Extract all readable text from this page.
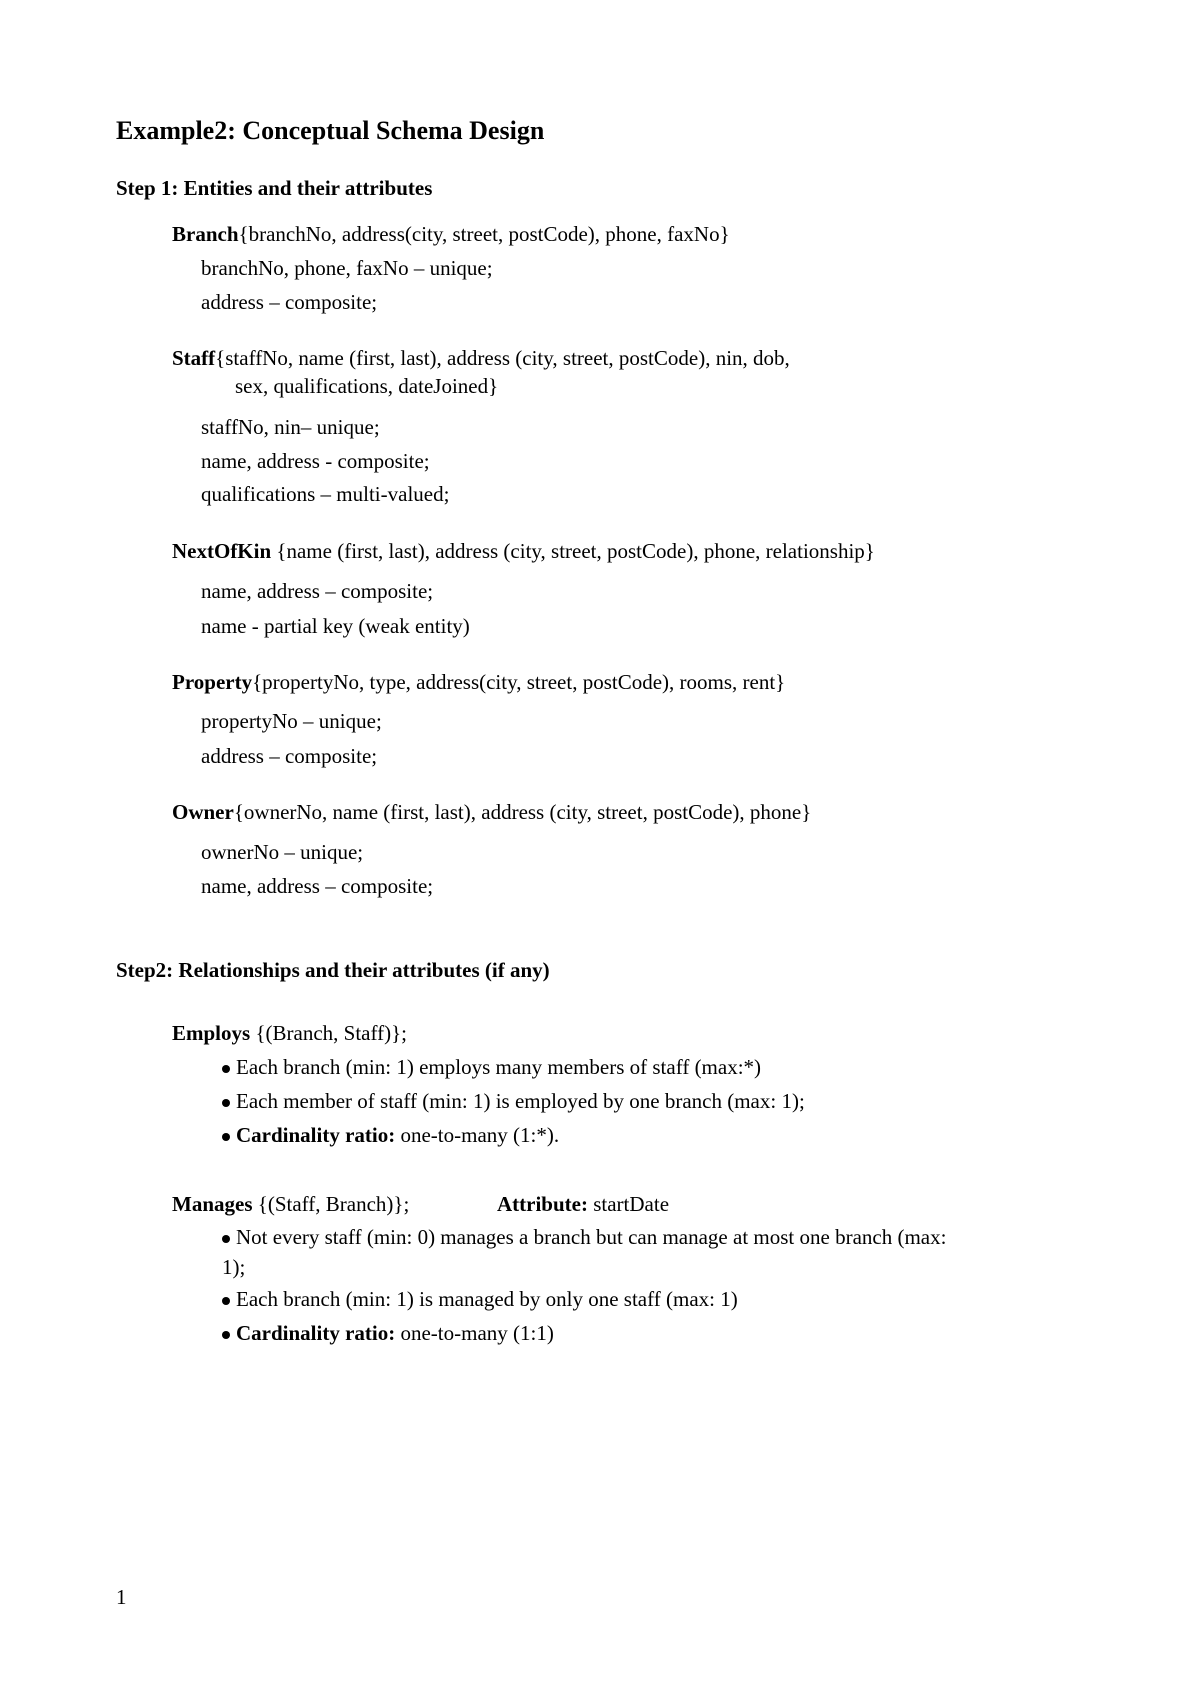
Example2: Conceptual Schema Design
Step 1: Entities and their attributes
Branch{branchNo, address(city, street, postCode), phone, faxNo}
branchNo, phone, faxNo – unique;
address – composite;
Staff{staffNo, name (first, last), address (city, street, postCode), nin, dob,
sex, qualifications, dateJoined}
staffNo, nin– unique;
name, address - composite;
qualifications – multi-valued;
NextOfKin {name (first, last), address (city, street, postCode), phone, relationship}
name, address – composite;
name - partial key (weak entity)
Property{propertyNo, type, address(city, street, postCode), rooms, rent}
propertyNo – unique;
address – composite;
Owner{ownerNo, name (first, last), address (city, street, postCode), phone}
ownerNo – unique;
name, address – composite;
Step2: Relationships and their attributes (if any)
Employs {(Branch, Staff)};
Each branch (min: 1) employs many members of staff (max:*)
Each member of staff (min: 1) is employed by one branch (max: 1);
Cardinality ratio: one-to-many (1:*).
Manages {(Staff, Branch)};	Attribute: startDate
Not every staff (min: 0) manages a branch but can manage at most one branch (max:
1);
Each branch (min: 1) is managed by only one staff (max: 1)
Cardinality ratio: one-to-many (1:1)
1
